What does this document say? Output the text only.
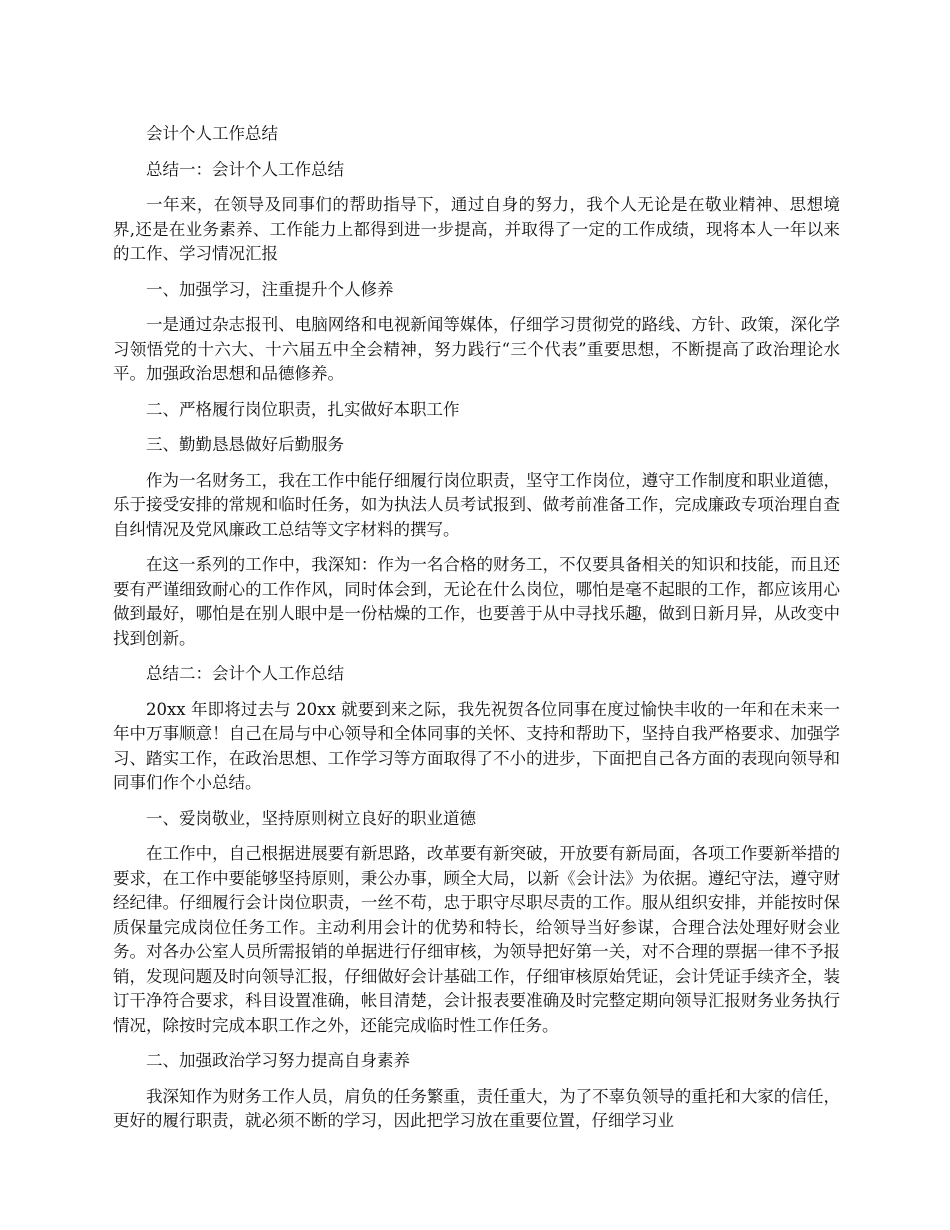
会计个人工作总结
总结一：会计个人工作总结
一年来，在领导及同事们的帮助指导下，通过自身的努力，我个人无论是在敬业精神、思想境界,还是在业务素养、工作能力上都得到进一步提高，并取得了一定的工作成绩，现将本人一年以来的工作、学习情况汇报
一、加强学习，注重提升个人修养
一是通过杂志报刊、电脑网络和电视新闻等媒体，仔细学习贯彻党的路线、方针、政策，深化学习领悟党的十六大、十六届五中全会精神，努力践行“三个代表”重要思想，不断提高了政治理论水平。加强政治思想和品德修养。
二、严格履行岗位职责，扎实做好本职工作
三、勤勤恳恳做好后勤服务
作为一名财务工，我在工作中能仔细履行岗位职责，坚守工作岗位，遵守工作制度和职业道德，乐于接受安排的常规和临时任务，如为执法人员考试报到、做考前准备工作，完成廉政专项治理自查自纠情况及党风廉政工总结等文字材料的撰写。
在这一系列的工作中，我深知：作为一名合格的财务工，不仅要具备相关的知识和技能，而且还要有严谨细致耐心的工作作风，同时体会到，无论在什么岗位，哪怕是毫不起眼的工作，都应该用心做到最好，哪怕是在别人眼中是一份枯燥的工作，也要善于从中寻找乐趣，做到日新月异，从改变中找到创新。
总结二：会计个人工作总结
20xx 年即将过去与 20xx 就要到来之际，我先祝贺各位同事在度过愉快丰收的一年和在未来一年中万事顺意！自己在局与中心领导和全体同事的关怀、支持和帮助下，坚持自我严格要求、加强学习、踏实工作，在政治思想、工作学习等方面取得了不小的进步，下面把自己各方面的表现向领导和同事们作个小总结。
一、爱岗敬业，坚持原则树立良好的职业道德
在工作中，自己根据进展要有新思路，改革要有新突破，开放要有新局面，各项工作要新举措的要求，在工作中要能够坚持原则，秉公办事，顾全大局，以新《会计法》为依据。遵纪守法，遵守财经纪律。仔细履行会计岗位职责，一丝不苟，忠于职守尽职尽责的工作。服从组织安排，并能按时保质保量完成岗位任务工作。主动利用会计的优势和特长，给领导当好参谋，合理合法处理好财会业务。对各办公室人员所需报销的单据进行仔细审核，为领导把好第一关，对不合理的票据一律不予报销，发现问题及时向领导汇报，仔细做好会计基础工作，仔细审核原始凭证，会计凭证手续齐全，装订干净符合要求，科目设置准确，帐目清楚，会计报表要准确及时完整定期向领导汇报财务业务执行情况，除按时完成本职工作之外，还能完成临时性工作任务。
二、加强政治学习努力提高自身素养
我深知作为财务工作人员，肩负的任务繁重，责任重大，为了不辜负领导的重托和大家的信任，更好的履行职责，就必须不断的学习，因此把学习放在重要位置，仔细学习业
